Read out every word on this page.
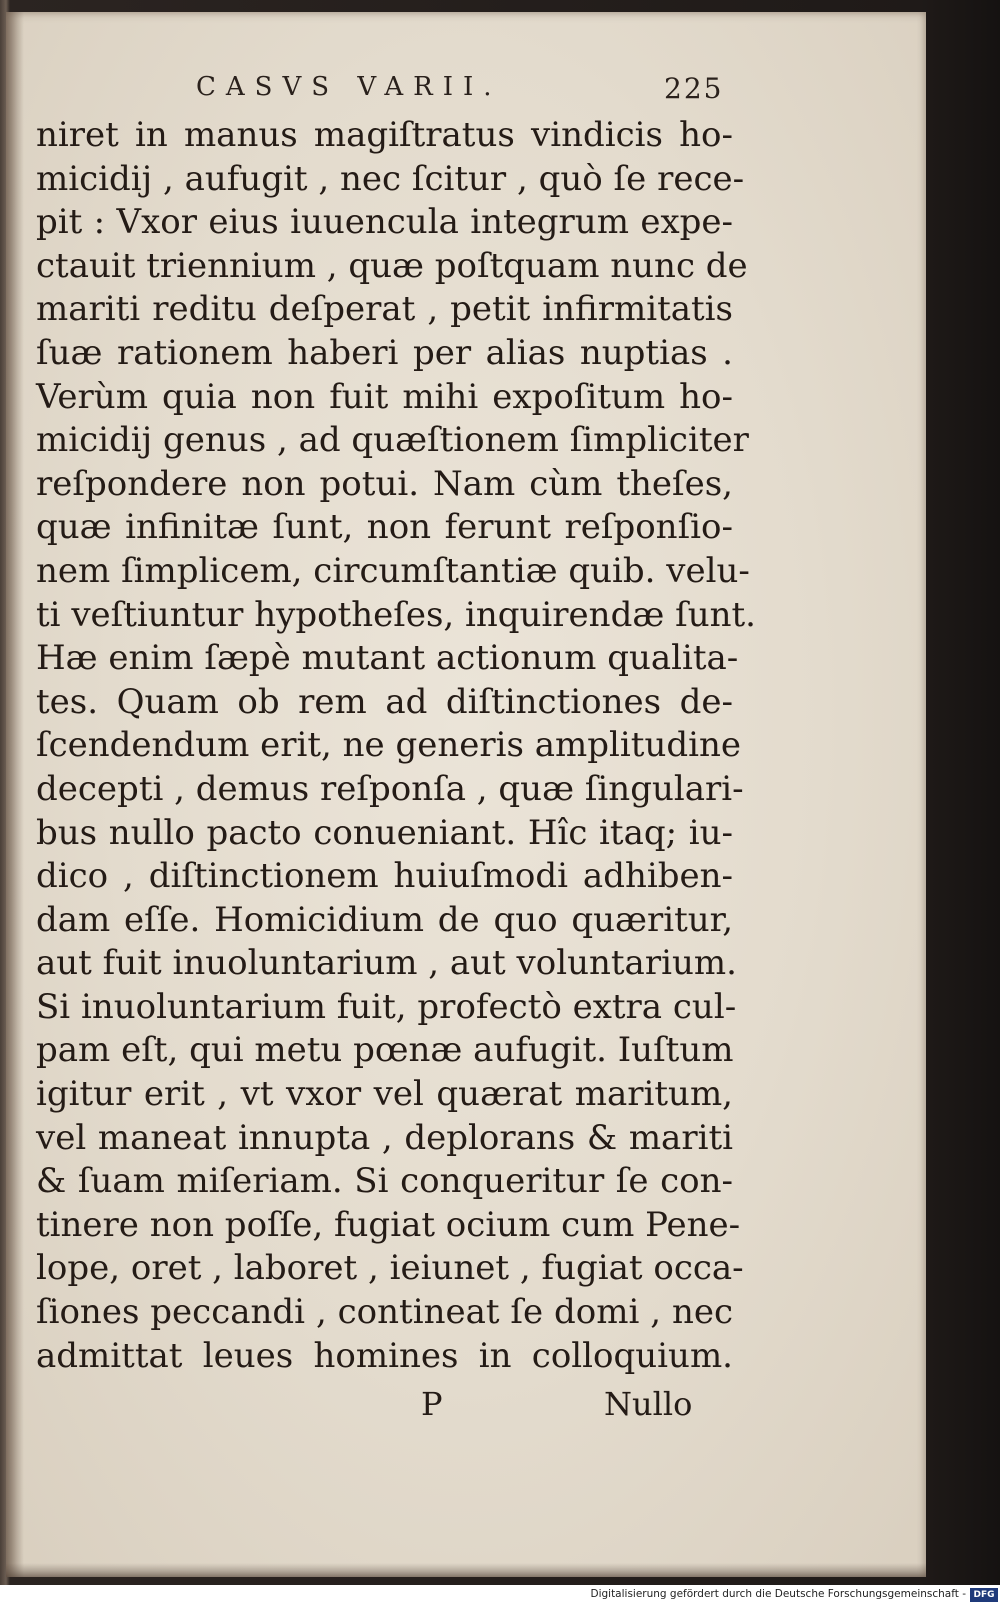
CASVS VARII.	225
niret in manus magiſtratus vindicis ho-
micidij , aufugit , nec ſcitur , quò ſe rece-
pit : Vxor eius iuuencula integrum expe-
ctauit triennium , quæ poſtquam nunc de
mariti reditu deſperat , petit infirmitatis
ſuæ rationem haberi per alias nuptias .
Verùm quia non fuit mihi expoſitum ho-
micidij genus , ad quæſtionem ſimpliciter
reſpondere non potui. Nam cùm theſes,
quæ infinitæ ſunt, non ferunt reſponſio-
nem ſimplicem, circumſtantiæ quib. velu-
ti veſtiuntur hypotheſes, inquirendæ ſunt.
Hæ enim ſæpè mutant actionum qualita-
tes. Quam ob rem ad diſtinctiones de-
ſcendendum erit, ne generis amplitudine
decepti , demus reſponſa , quæ ſingulari-
bus nullo pacto conueniant. Hîc itaq; iu-
dico , diſtinctionem huiuſmodi adhiben-
dam eſſe. Homicidium de quo quæritur,
aut fuit inuoluntarium , aut voluntarium.
Si inuoluntarium fuit, profectò extra cul-
pam eſt, qui metu pœnæ aufugit. Iuſtum
igitur erit , vt vxor vel quærat maritum,
vel maneat innupta , deplorans & mariti
& ſuam miſeriam. Si conqueritur ſe con-
tinere non poſſe, fugiat ocium cum Pene-
lope, oret , laboret , ieiunet , fugiat occa-
ſiones peccandi , contineat ſe domi , nec
admittat leues homines in colloquium.
P	Nullo
Digitalisierung gefördert durch die Deutsche Forschungsgemeinschaft - DFG
